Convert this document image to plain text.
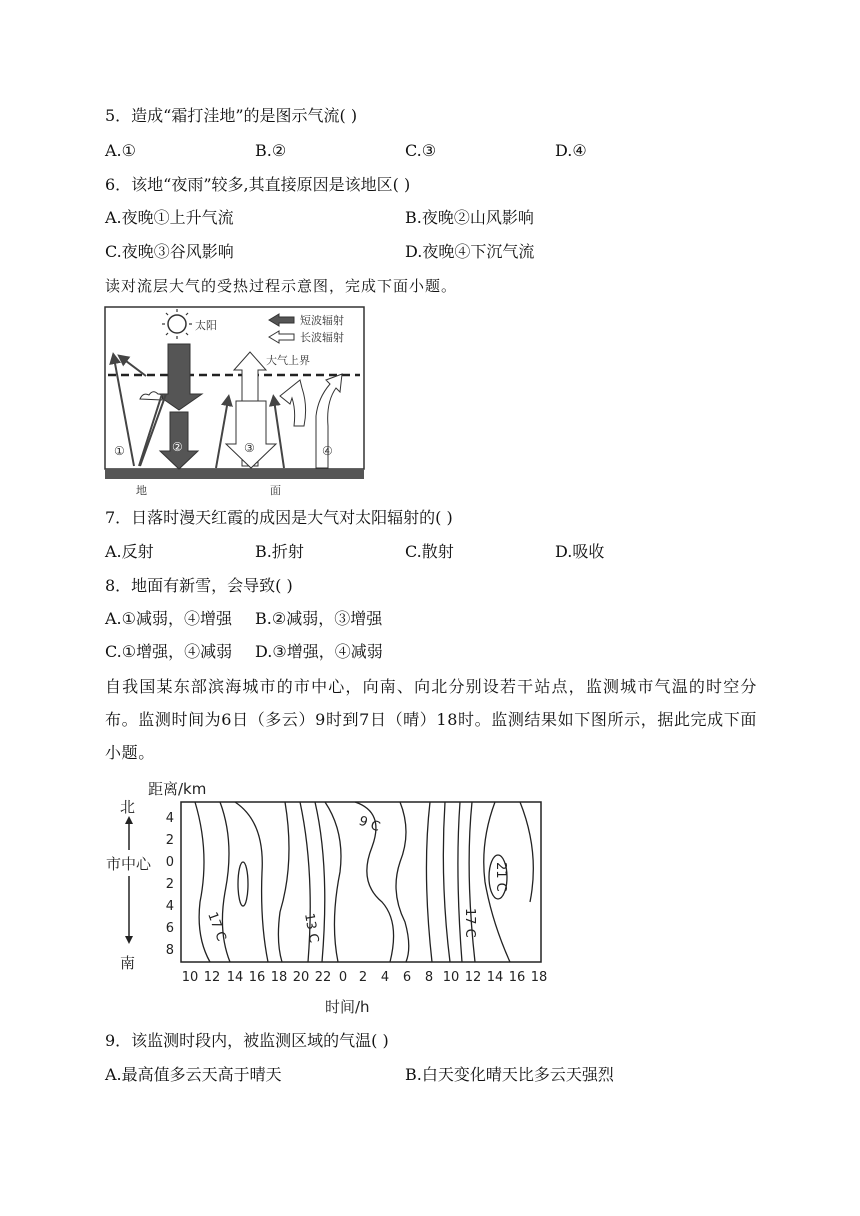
5．造成“霜打洼地”的是图示气流( )
A.①	B.②	C.③	D.④
6．该地“夜雨”较多,其直接原因是该地区( )
A.夜晚①上升气流	B.夜晚②山风影响
C.夜晚③谷风影响	D.夜晚④下沉气流
读对流层大气的受热过程示意图，完成下面小题。
太阳	短波辐射
长波辐射
大气上界
①	②	③	④
地	面
7．日落时漫天红霞的成因是大气对太阳辐射的( )
A.反射	B.折射	C.散射	D.吸收
8．地面有新雪，会导致( )
A.①减弱，④增强 B.②减弱，③增强
C.①增强，④减弱 D.③增强，④减弱
自我国某东部滨海城市的市中心，向南、向北分别设若干站点，监测城市气温的时空分布。监测时间为6日（多云）9时到7日（晴）18时。监测结果如下图所示，据此完成下面小题。
距离/km
北
市中心
南
4
2
0
2
4
6
8
10 12 14 16 18 20 22 0 2 4 6 8 10 12 14 16 18
时间/h
9 C
21 C
17 C	13 C	17 C
9．该监测时段内，被监测区域的气温( )
A.最高值多云天高于晴天	B.白天变化晴天比多云天强烈
